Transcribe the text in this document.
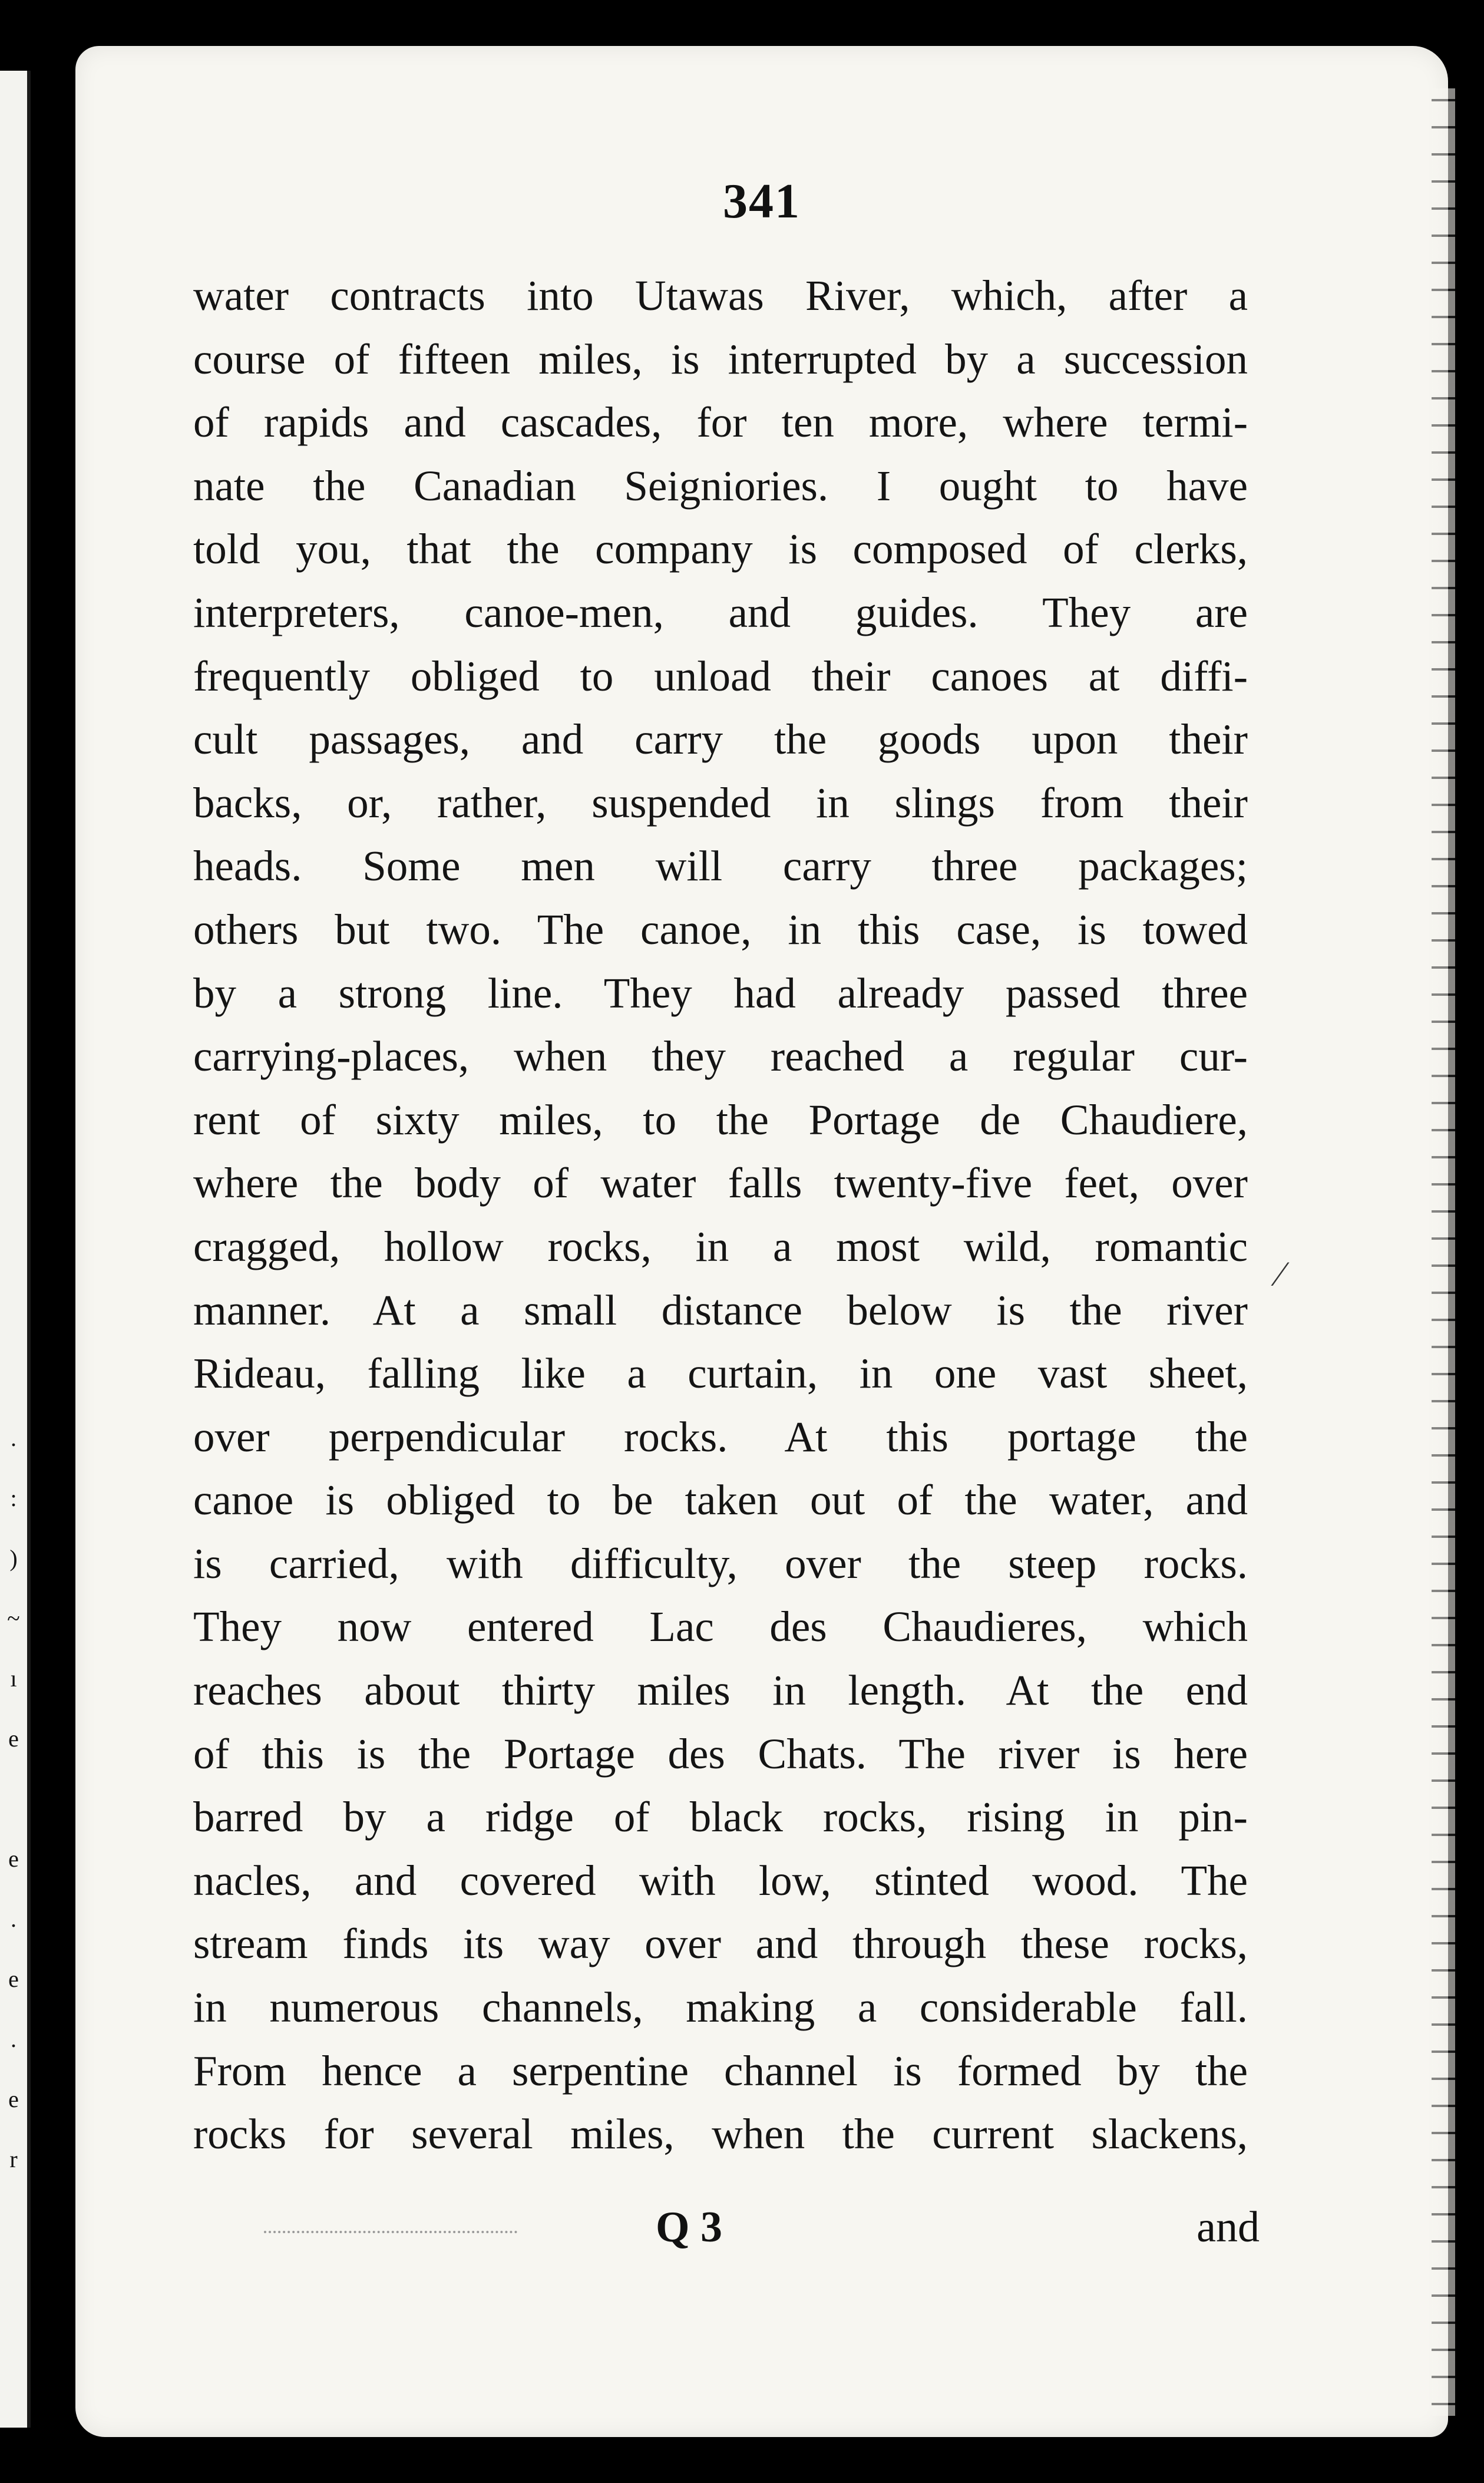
.
:
)
~
ı
e

e
.
e
.
e
r
341
water contracts into Utawas River, which, after a
course of fifteen miles, is interrupted by a succession
of rapids and cascades, for ten more, where termi-
nate the Canadian Seigniories. I ought to have
told you, that the company is composed of clerks,
interpreters, canoe-men, and guides. They are
frequently obliged to unload their canoes at diffi-
cult passages, and carry the goods upon their
backs, or, rather, suspended in slings from their
heads. Some men will carry three packages;
others but two. The canoe, in this case, is towed
by a strong line. They had already passed three
carrying-places, when they reached a regular cur-
rent of sixty miles, to the Portage de Chaudiere,
where the body of water falls twenty-five feet, over
cragged, hollow rocks, in a most wild, romantic
manner. At a small distance below is the river
Rideau, falling like a curtain, in one vast sheet,
over perpendicular rocks. At this portage the
canoe is obliged to be taken out of the water, and
is carried, with difficulty, over the steep rocks.
They now entered Lac des Chaudieres, which
reaches about thirty miles in length. At the end
of this is the Portage des Chats. The river is here
barred by a ridge of black rocks, rising in pin-
nacles, and covered with low, stinted wood. The
stream finds its way over and through these rocks,
in numerous channels, making a considerable fall.
From hence a serpentine channel is formed by the
rocks for several miles, when the current slackens,
Q 3	and
⁄
